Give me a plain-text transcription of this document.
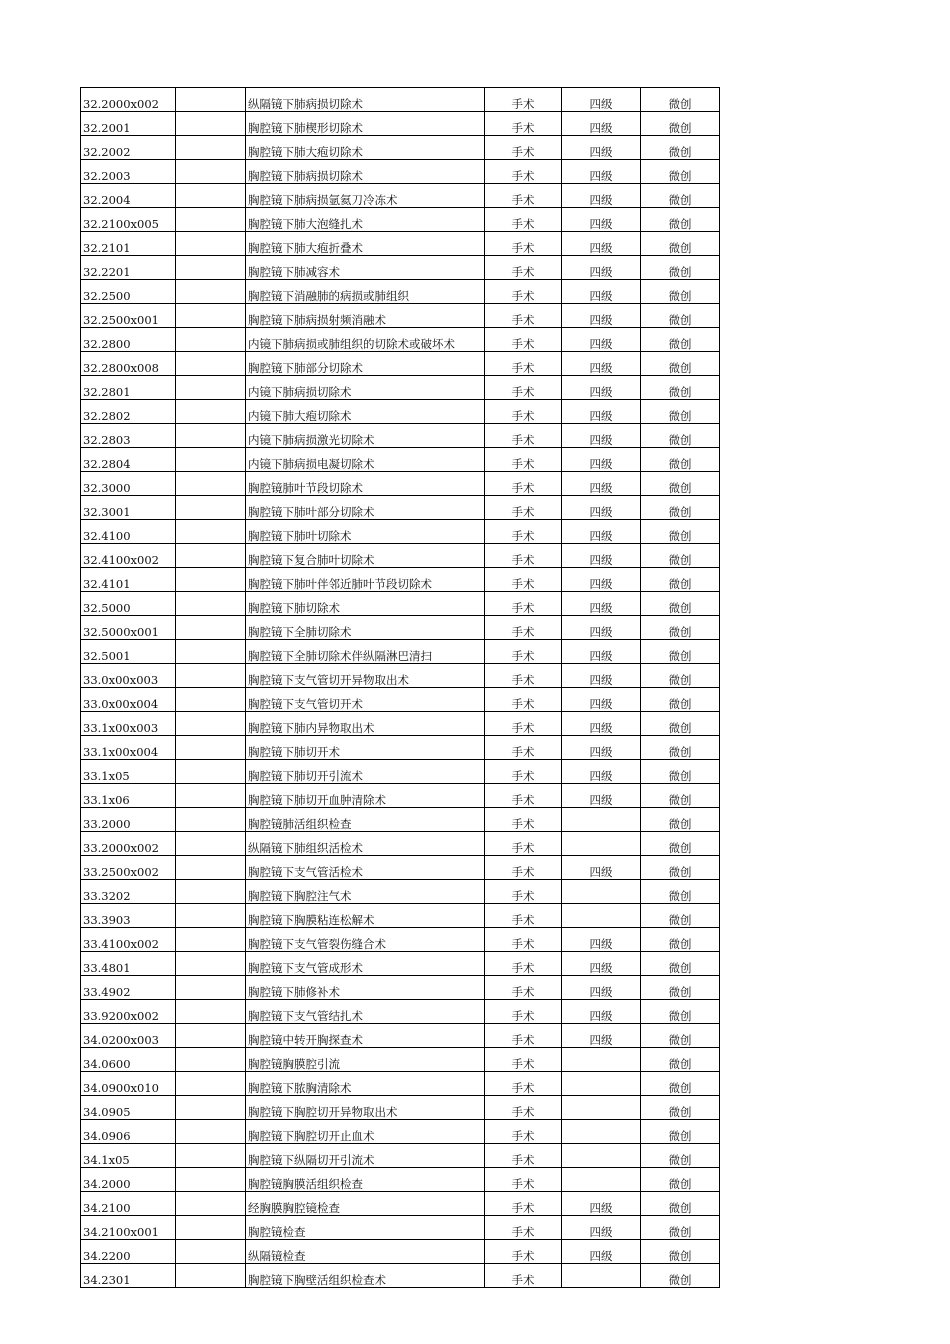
32.2000x002		纵隔镜下肺病损切除术	手术	四级	微创
32.2001		胸腔镜下肺楔形切除术	手术	四级	微创
32.2002		胸腔镜下肺大疱切除术	手术	四级	微创
32.2003		胸腔镜下肺病损切除术	手术	四级	微创
32.2004		胸腔镜下肺病损氩氦刀冷冻术	手术	四级	微创
32.2100x005		胸腔镜下肺大泡缝扎术	手术	四级	微创
32.2101		胸腔镜下肺大疱折叠术	手术	四级	微创
32.2201		胸腔镜下肺减容术	手术	四级	微创
32.2500		胸腔镜下消融肺的病损或肺组织	手术	四级	微创
32.2500x001		胸腔镜下肺病损射频消融术	手术	四级	微创
32.2800		内镜下肺病损或肺组织的切除术或破坏术	手术	四级	微创
32.2800x008		胸腔镜下肺部分切除术	手术	四级	微创
32.2801		内镜下肺病损切除术	手术	四级	微创
32.2802		内镜下肺大疱切除术	手术	四级	微创
32.2803		内镜下肺病损激光切除术	手术	四级	微创
32.2804		内镜下肺病损电凝切除术	手术	四级	微创
32.3000		胸腔镜肺叶节段切除术	手术	四级	微创
32.3001		胸腔镜下肺叶部分切除术	手术	四级	微创
32.4100		胸腔镜下肺叶切除术	手术	四级	微创
32.4100x002		胸腔镜下复合肺叶切除术	手术	四级	微创
32.4101		胸腔镜下肺叶伴邻近肺叶节段切除术	手术	四级	微创
32.5000		胸腔镜下肺切除术	手术	四级	微创
32.5000x001		胸腔镜下全肺切除术	手术	四级	微创
32.5001		胸腔镜下全肺切除术伴纵隔淋巴清扫	手术	四级	微创
33.0x00x003		胸腔镜下支气管切开异物取出术	手术	四级	微创
33.0x00x004		胸腔镜下支气管切开术	手术	四级	微创
33.1x00x003		胸腔镜下肺内异物取出术	手术	四级	微创
33.1x00x004		胸腔镜下肺切开术	手术	四级	微创
33.1x05		胸腔镜下肺切开引流术	手术	四级	微创
33.1x06		胸腔镜下肺切开血肿清除术	手术	四级	微创
33.2000		胸腔镜肺活组织检查	手术		微创
33.2000x002		纵隔镜下肺组织活检术	手术		微创
33.2500x002		胸腔镜下支气管活检术	手术	四级	微创
33.3202		胸腔镜下胸腔注气术	手术		微创
33.3903		胸腔镜下胸膜粘连松解术	手术		微创
33.4100x002		胸腔镜下支气管裂伤缝合术	手术	四级	微创
33.4801		胸腔镜下支气管成形术	手术	四级	微创
33.4902		胸腔镜下肺修补术	手术	四级	微创
33.9200x002		胸腔镜下支气管结扎术	手术	四级	微创
34.0200x003		胸腔镜中转开胸探查术	手术	四级	微创
34.0600		胸腔镜胸膜腔引流	手术		微创
34.0900x010		胸腔镜下脓胸清除术	手术		微创
34.0905		胸腔镜下胸腔切开异物取出术	手术		微创
34.0906		胸腔镜下胸腔切开止血术	手术		微创
34.1x05		胸腔镜下纵隔切开引流术	手术		微创
34.2000		胸腔镜胸膜活组织检查	手术		微创
34.2100		经胸膜胸腔镜检查	手术	四级	微创
34.2100x001		胸腔镜检查	手术	四级	微创
34.2200		纵隔镜检查	手术	四级	微创
34.2301		胸腔镜下胸壁活组织检查术	手术		微创
